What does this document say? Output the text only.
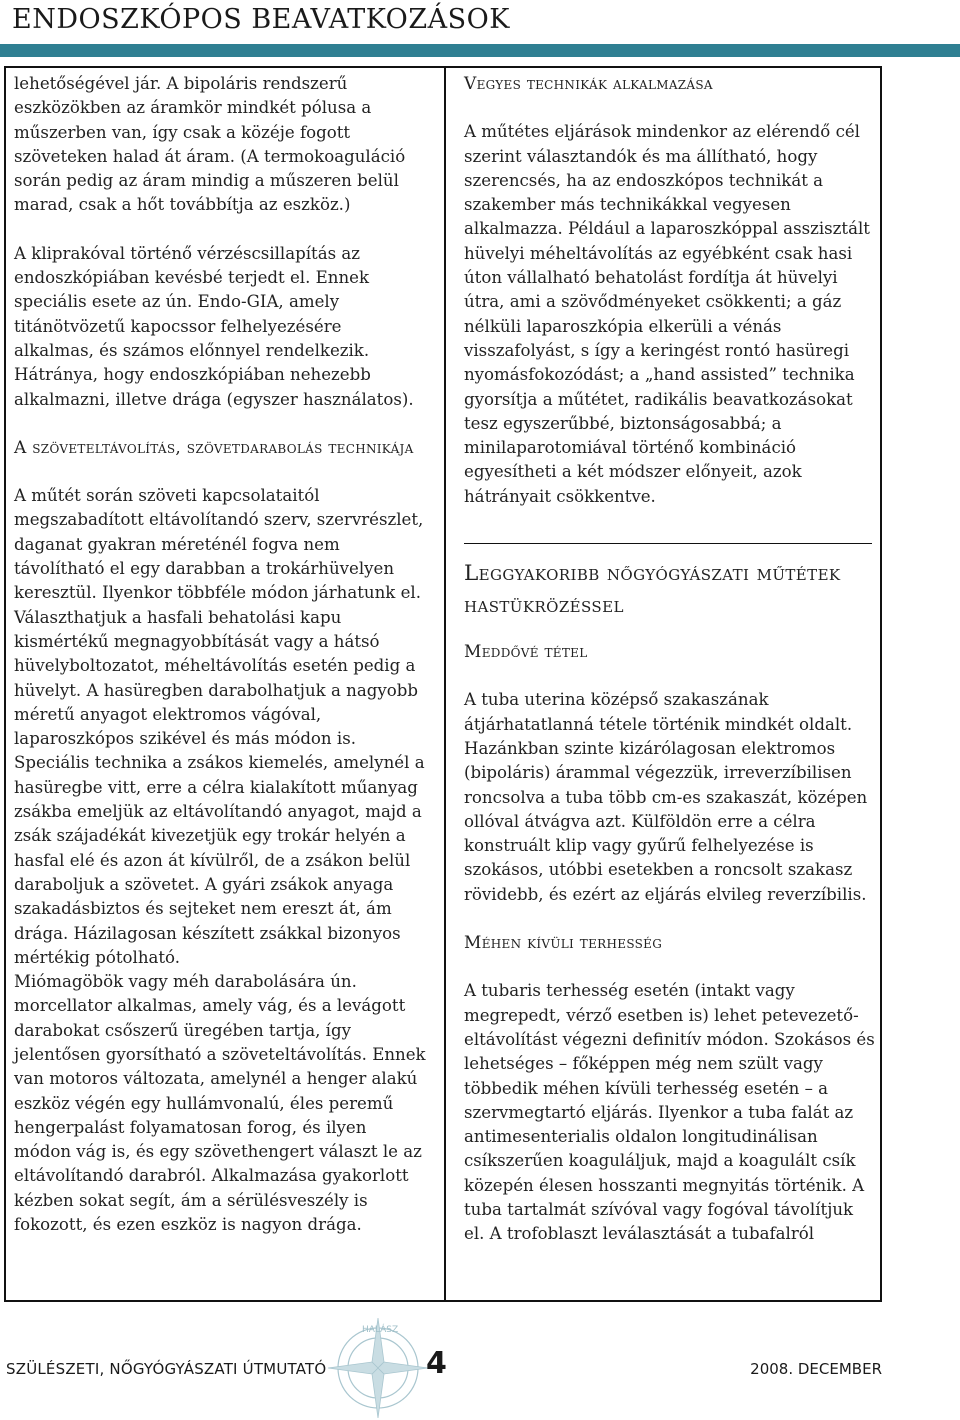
ENDOSZKÓPOS BEAVATKOZÁSOK

lehetőségével jár. A bipoláris rendszerű eszközökben az áramkör mindkét pólusa a műszerben van, így csak a közéje fogott szöveteken halad át áram. (A termokoaguláció során pedig az áram mindig a műszeren belül marad, csak a hőt továbbítja az eszköz.)

A kliprakóval történő vérzéscsillapítás az endoszkópiában kevésbé terjedt el. Ennek speciális esete az ún. Endo-GIA, amely titánötvözetű kapocssor felhelyezésére alkalmas, és számos előnnyel rendelkezik. Hátránya, hogy endoszkópiában nehezebb alkalmazni, illetve drága (egyszer használatos).

A szöveteltávolítás, szövetdarabolás technikája

A műtét során szöveti kapcsolataitól megszabadított eltávolítandó szerv, szervrészlet, daganat gyakran méreténél fogva nem távolítható el egy darabban a trokárhüvelyen keresztül. Ilyenkor többféle módon járhatunk el. Választhatjuk a hasfali behatolási kapu kismértékű megnagyobbítását vagy a hátsó hüvelyboltozatot, méheltávolítás esetén pedig a hüvelyt. A hasüregben darabolhatjuk a nagyobb méretű anyagot elektromos vágóval, laparoszkópos szikével és más módon is. Speciális technika a zsákos kiemelés, amelynél a hasüregbe vitt, erre a célra kialakított műanyag zsákba emeljük az eltávolítandó anyagot, majd a zsák szájadékát kivezetjük egy trokár helyén a hasfal elé és azon át kívülről, de a zsákon belül daraboljuk a szövetet. A gyári zsákok anyaga szakadásbiztos és sejteket nem ereszt át, ám drága. Házilagosan készített zsákkal bizonyos mértékig pótolható.

Miómagöbök vagy méh darabolására ún. morcellator alkalmas, amely vág, és a levágott darabokat csőszerű üregében tartja, így jelentősen gyorsítható a szöveteltávolítás. Ennek van motoros változata, amelynél a henger alakú eszköz végén egy hullámvonalú, éles peremű hengerpalást folyamatosan forog, és ilyen módon vág is, és egy szövethengert választ le az eltávolítandó darabról. Alkalmazása gyakorlott kézben sokat segít, ám a sérülésveszély is fokozott, és ezen eszköz is nagyon drága.

Vegyes technikák alkalmazása

A műtétes eljárások mindenkor az elérendő cél szerint választandók és ma állítható, hogy szerencsés, ha az endoszkópos technikát a szakember más technikákkal vegyesen alkalmazza. Például a laparoszkóppal asszisztált hüvelyi méheltávolítás az egyébként csak hasi úton vállalható behatolást fordítja át hüvelyi útra, ami a szövődményeket csökkenti; a gáz nélküli laparoszkópia elkerüli a vénás visszafolyást, s így a keringést rontó hasüregi nyomásfokozódást; a „hand assisted” technika gyorsítja a műtétet, radikális beavatkozásokat tesz egyszerűbbé, biztonságosabbá; a minilaparotomiával történő kombináció egyesítheti a két módszer előnyeit, azok hátrányait csökkentve.

Leggyakoribb nőgyógyászati műtétek hastükrözéssel
Meddővé tétel

A tuba uterina középső szakaszának átjárhatatlanná tétele történik mindkét oldalt. Hazánkban szinte kizárólagosan elektromos (bipoláris) árammal végezzük, irreverzíbilisen roncsolva a tuba több cm-es szakaszát, középen ollóval átvágva azt. Külföldön erre a célra konstruált klip vagy gyűrű felhelyezése is szokásos, utóbbi esetekben a roncsolt szakasz rövidebb, és ezért az eljárás elvileg reverzíbilis.

Méhen kívüli terhesség

A tubaris terhesség esetén (intakt vagy megrepedt, vérző esetben is) lehet petevezető-eltávolítást végezni definitív módon. Szokásos és lehetséges – főképpen még nem szült vagy többedik méhen kívüli terhesség esetén – a szervmegtartó eljárás. Ilyenkor a tuba falát az antimesenterialis oldalon longitudinálisan csíkszerűen koaguláljuk, majd a koagulált csík közepén élesen hosszanti megnyitás történik. A tuba tartalmát szívóval vagy fogóval távolítjuk el. A trofoblaszt leválasztását a tubafalról

HALÁSZ
SZÜLÉSZETI, NŐGYÓGYÁSZATI ÚTMUTATÓ	4	2008. DECEMBER
